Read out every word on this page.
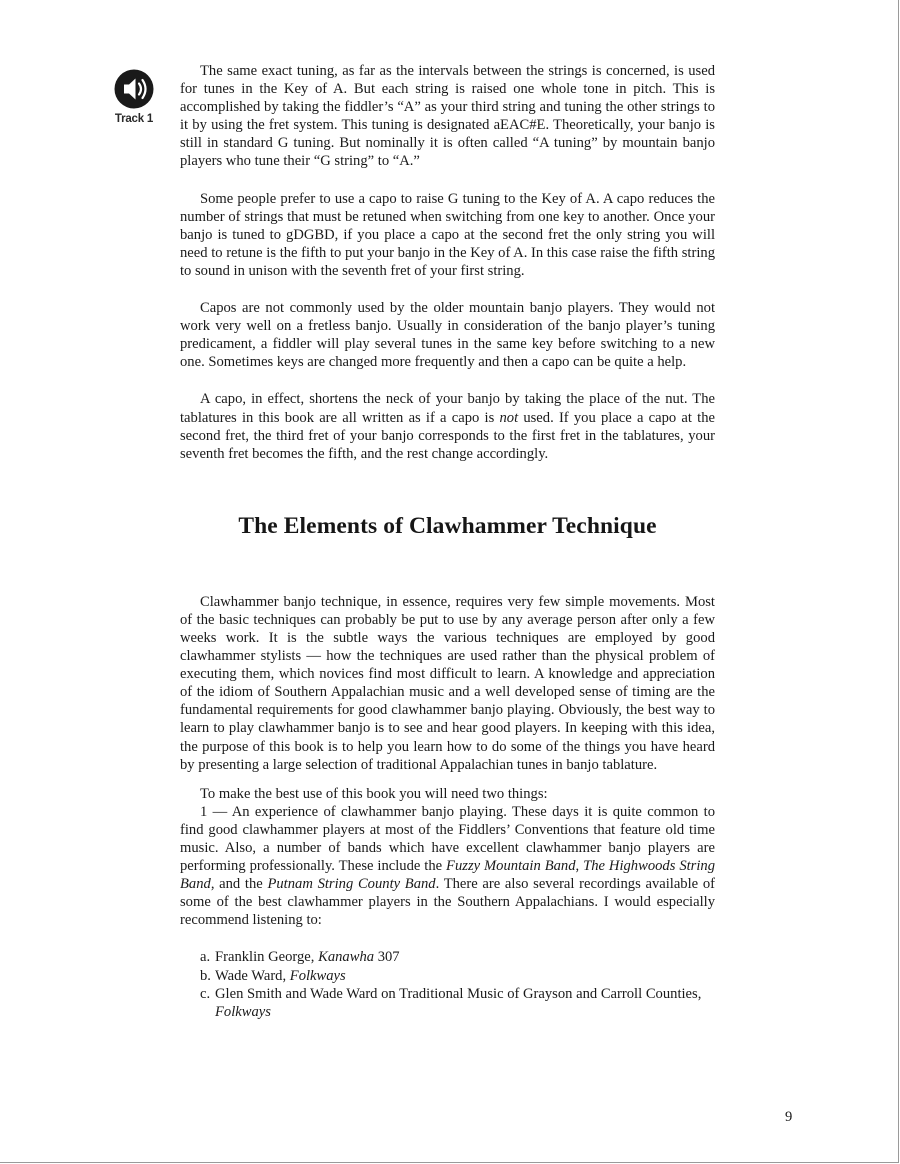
Track 1

The same exact tuning, as far as the intervals between the strings is concerned, is used for tunes in the Key of A. But each string is raised one whole tone in pitch. This is accomplished by taking the fiddler’s “A” as your third string and tuning the other strings to it by using the fret system. This tuning is designated aEAC#E. Theoretically, your banjo is still in standard G tuning. But nominally it is often called “A tuning” by mountain banjo players who tune their “G string” to “A.”

Some people prefer to use a capo to raise G tuning to the Key of A. A capo reduces the number of strings that must be retuned when switching from one key to another. Once your banjo is tuned to gDGBD, if you place a capo at the second fret the only string you will need to retune is the fifth to put your banjo in the Key of A. In this case raise the fifth string to sound in unison with the seventh fret of your first string.

Capos are not commonly used by the older mountain banjo players. They would not work very well on a fretless banjo. Usually in consideration of the banjo player’s tuning predicament, a fiddler will play several tunes in the same key before switching to a new one. Sometimes keys are changed more frequently and then a capo can be quite a help.

A capo, in effect, shortens the neck of your banjo by taking the place of the nut. The tablatures in this book are all written as if a capo is not used. If you place a capo at the second fret, the third fret of your banjo corresponds to the first fret in the tablatures, your seventh fret becomes the fifth, and the rest change accordingly.

The Elements of Clawhammer Technique

Clawhammer banjo technique, in essence, requires very few simple movements. Most of the basic techniques can probably be put to use by any average person after only a few weeks work. It is the subtle ways the various techniques are employed by good clawhammer stylists — how the techniques are used rather than the physical problem of executing them, which novices find most difficult to learn. A knowledge and appreciation of the idiom of Southern Appalachian music and a well developed sense of timing are the fundamental requirements for good clawhammer banjo playing. Obviously, the best way to learn to play clawhammer banjo is to see and hear good players. In keeping with this idea, the purpose of this book is to help you learn how to do some of the things you have heard by presenting a large selection of traditional Appalachian tunes in banjo tablature.

To make the best use of this book you will need two things:

1 — An experience of clawhammer banjo playing. These days it is quite common to find good clawhammer players at most of the Fiddlers’ Conventions that feature old time music. Also, a number of bands which have excellent clawhammer banjo players are performing professionally. These include the Fuzzy Mountain Band, The Highwoods String Band, and the Putnam String County Band. There are also several recordings available of some of the best clawhammer players in the Southern Appalachians. I would especially recommend listening to:

a. Franklin George, Kanawha 307
b. Wade Ward, Folkways
c. Glen Smith and Wade Ward on Traditional Music of Grayson and Carroll Counties, Folkways
9
